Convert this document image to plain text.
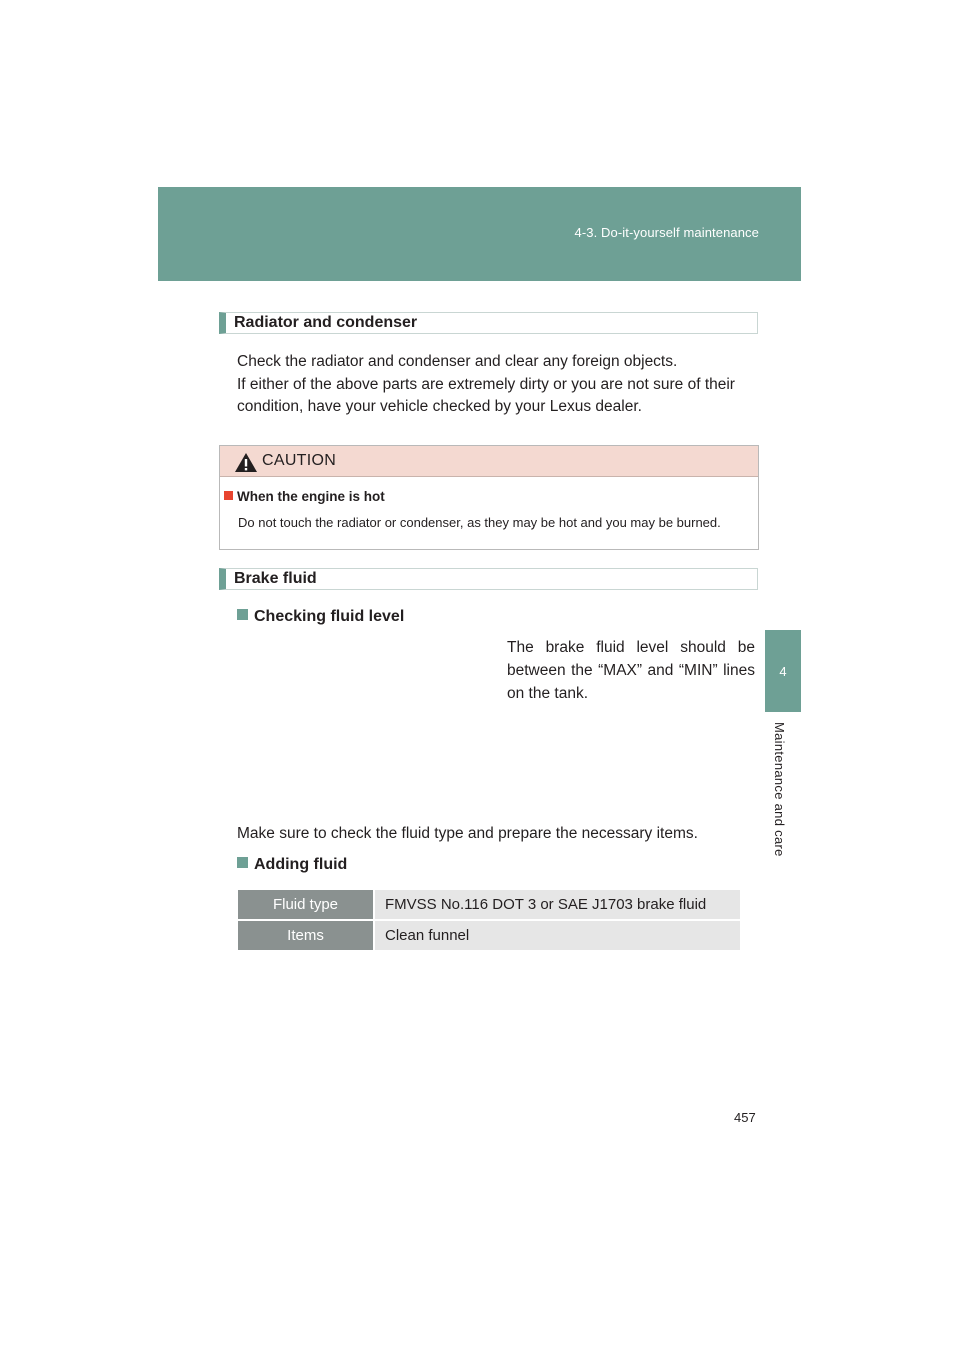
4-3. Do-it-yourself maintenance
4
Maintenance and care
Radiator and condenser
Check the radiator and condenser and clear any foreign objects.
If either of the above parts are extremely dirty or you are not sure of their
condition, have your vehicle checked by your Lexus dealer.
CAUTION
When the engine is hot
Do not touch the radiator or condenser, as they may be hot and you may be burned.
Brake fluid
Checking fluid level
The brake fluid level should be between the “MAX” and “MIN” lines on the tank.
Make sure to check the fluid type and prepare the necessary items.
Adding fluid
Fluid type	FMVSS No.116 DOT 3 or SAE J1703 brake fluid
Items	Clean funnel
457
